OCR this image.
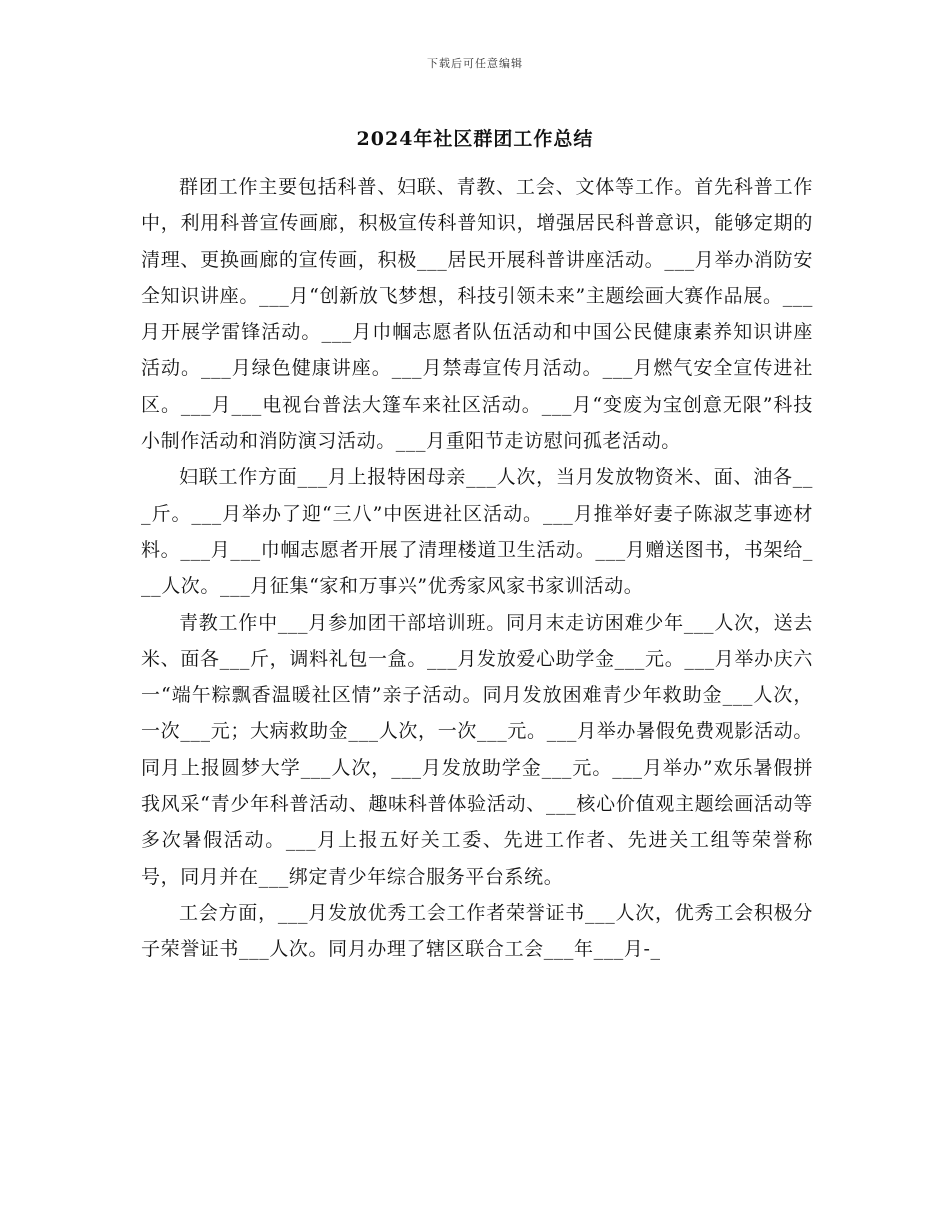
下载后可任意编辑
2024年社区群团工作总结

群团工作主要包括科普、妇联、青教、工会、文体等工作。首先科普工作中，利用科普宣传画廊，积极宣传科普知识，增强居民科普意识，能够定期的清理、更换画廊的宣传画，积极___居民开展科普讲座活动。___月举办消防安全知识讲座。___月“创新放飞梦想，科技引领未来”主题绘画大赛作品展。___月开展学雷锋活动。___月巾帼志愿者队伍活动和中国公民健康素养知识讲座活动。___月绿色健康讲座。___月禁毒宣传月活动。___月燃气安全宣传进社区。___月___电视台普法大篷车来社区活动。___月“变废为宝创意无限”科技小制作活动和消防演习活动。___月重阳节走访慰问孤老活动。

妇联工作方面___月上报特困母亲___人次，当月发放物资米、面、油各___斤。___月举办了迎“三八”中医进社区活动。___月推举好妻子陈淑芝事迹材料。___月___巾帼志愿者开展了清理楼道卫生活动。___月赠送图书，书架给___人次。___月征集“家和万事兴”优秀家风家书家训活动。

青教工作中___月参加团干部培训班。同月末走访困难少年___人次，送去米、面各___斤，调料礼包一盒。___月发放爱心助学金___元。___月举办庆六一“端午粽飘香温暖社区情”亲子活动。同月发放困难青少年救助金___人次，一次___元；大病救助金___人次，一次___元。___月举办暑假免费观影活动。同月上报圆梦大学___人次，___月发放助学金___元。___月举办”欢乐暑假拼我风采“青少年科普活动、趣味科普体验活动、___核心价值观主题绘画活动等多次暑假活动。___月上报五好关工委、先进工作者、先进关工组等荣誉称号，同月并在___绑定青少年综合服务平台系统。

工会方面，___月发放优秀工会工作者荣誉证书___人次，优秀工会积极分子荣誉证书___人次。同月办理了辖区联合工会___年___月-_
